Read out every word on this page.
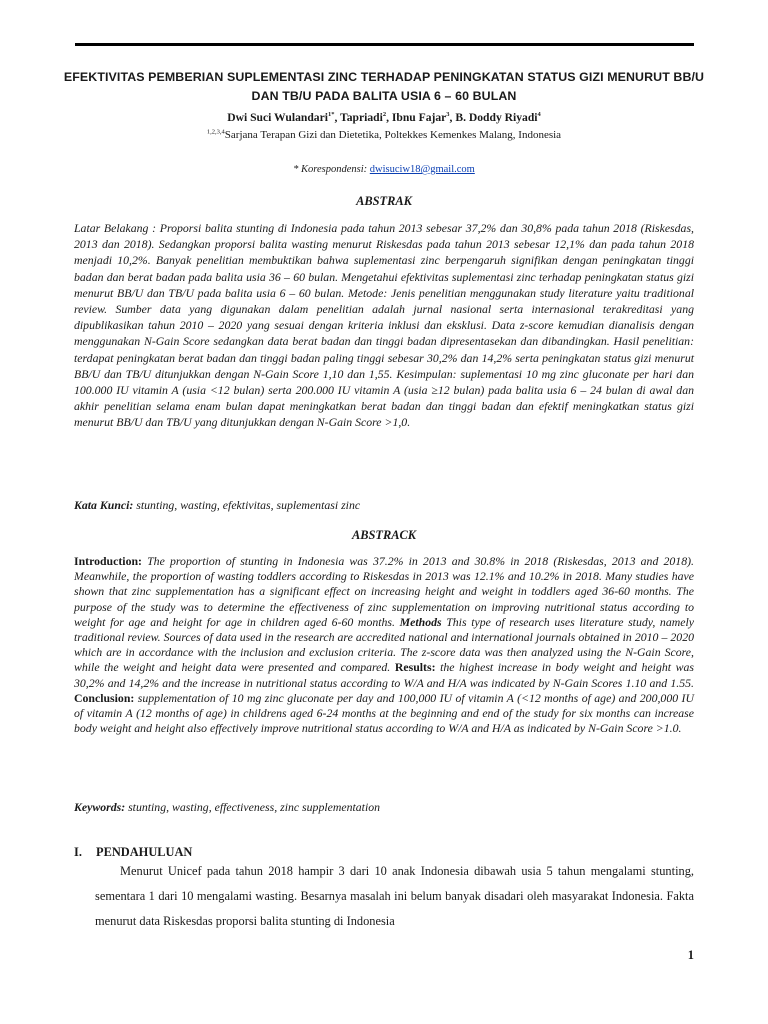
EFEKTIVITAS PEMBERIAN SUPLEMENTASI ZINC TERHADAP PENINGKATAN STATUS GIZI MENURUT BB/U DAN TB/U PADA BALITA USIA 6 – 60 BULAN
Dwi Suci Wulandari$^{1*}$, Tapriadi$^2$, Ibnu Fajar$^3$, B. Doddy Riyadi$^4$
$^{1,2,3,4}$Sarjana Terapan Gizi dan Dietetika, Poltekkes Kemenkes Malang, Indonesia
* Korespondensi: dwisuciw18@gmail.com
ABSTRAK
Latar Belakang : Proporsi balita stunting di Indonesia pada tahun 2013 sebesar 37,2% dan 30,8% pada tahun 2018 (Riskesdas, 2013 dan 2018). Sedangkan proporsi balita wasting menurut Riskesdas pada tahun 2013 sebesar 12,1% dan pada tahun 2018 menjadi 10,2%. Banyak penelitian membuktikan bahwa suplementasi zinc berpengaruh signifikan dengan peningkatan tinggi badan dan berat badan pada balita usia 36 – 60 bulan. Mengetahui efektivitas suplementasi zinc terhadap peningkatan status gizi menurut BB/U dan TB/U pada balita usia 6 – 60 bulan. Metode: Jenis penelitian menggunakan study literature yaitu traditional review. Sumber data yang digunakan dalam penelitian adalah jurnal nasional serta internasional terakreditasi yang dipublikasikan tahun 2010 – 2020 yang sesuai dengan kriteria inklusi dan eksklusi. Data z-score kemudian dianalisis dengan menggunakan N-Gain Score sedangkan data berat badan dan tinggi badan dipresentasekan dan dibandingkan. Hasil penelitian: terdapat peningkatan berat badan dan tinggi badan paling tinggi sebesar 30,2% dan 14,2% serta peningkatan status gizi menurut BB/U dan TB/U ditunjukkan dengan N-Gain Score 1,10 dan 1,55. Kesimpulan: suplementasi 10 mg zinc gluconate per hari dan 100.000 IU vitamin A (usia <12 bulan) serta 200.000 IU vitamin A (usia ≥12 bulan) pada balita usia 6 – 24 bulan di awal dan akhir penelitian selama enam bulan dapat meningkatkan berat badan dan tinggi badan dan efektif meningkatkan status gizi menurut BB/U dan TB/U yang ditunjukkan dengan N-Gain Score >1,0.
Kata Kunci: stunting, wasting, efektivitas, suplementasi zinc
ABSTRACK
Introduction: The proportion of stunting in Indonesia was 37.2% in 2013 and 30.8% in 2018 (Riskesdas, 2013 and 2018). Meanwhile, the proportion of wasting toddlers according to Riskesdas in 2013 was 12.1% and 10.2% in 2018. Many studies have shown that zinc supplementation has a significant effect on increasing height and weight in toddlers aged 36-60 months. The purpose of the study was to determine the effectiveness of zinc supplementation on improving nutritional status according to weight for age and height for age in children aged 6-60 months. Methods This type of research uses literature study, namely traditional review. Sources of data used in the research are accredited national and international journals obtained in 2010 – 2020 which are in accordance with the inclusion and exclusion criteria. The z-score data was then analyzed using the N-Gain Score, while the weight and height data were presented and compared. Results: the highest increase in body weight and height was 30,2% and 14,2% and the increase in nutritional status according to W/A and H/A was indicated by N-Gain Scores 1.10 and 1.55. Conclusion: supplementation of 10 mg zinc gluconate per day and 100,000 IU of vitamin A (<12 months of age) and 200,000 IU of vitamin A (12 months of age) in childrens aged 6-24 months at the beginning and end of the study for six months can increase body weight and height also effectively improve nutritional status according to W/A and H/A as indicated by N-Gain Score >1.0.
Keywords: stunting, wasting, effectiveness, zinc supplementation
I. PENDAHULUAN

Menurut Unicef pada tahun 2018 hampir 3 dari 10 anak Indonesia dibawah usia 5 tahun mengalami stunting, sementara 1 dari 10 mengalami wasting. Besarnya masalah ini belum banyak disadari oleh masyarakat Indonesia. Fakta menurut data Riskesdas proporsi balita stunting di Indonesia

1
